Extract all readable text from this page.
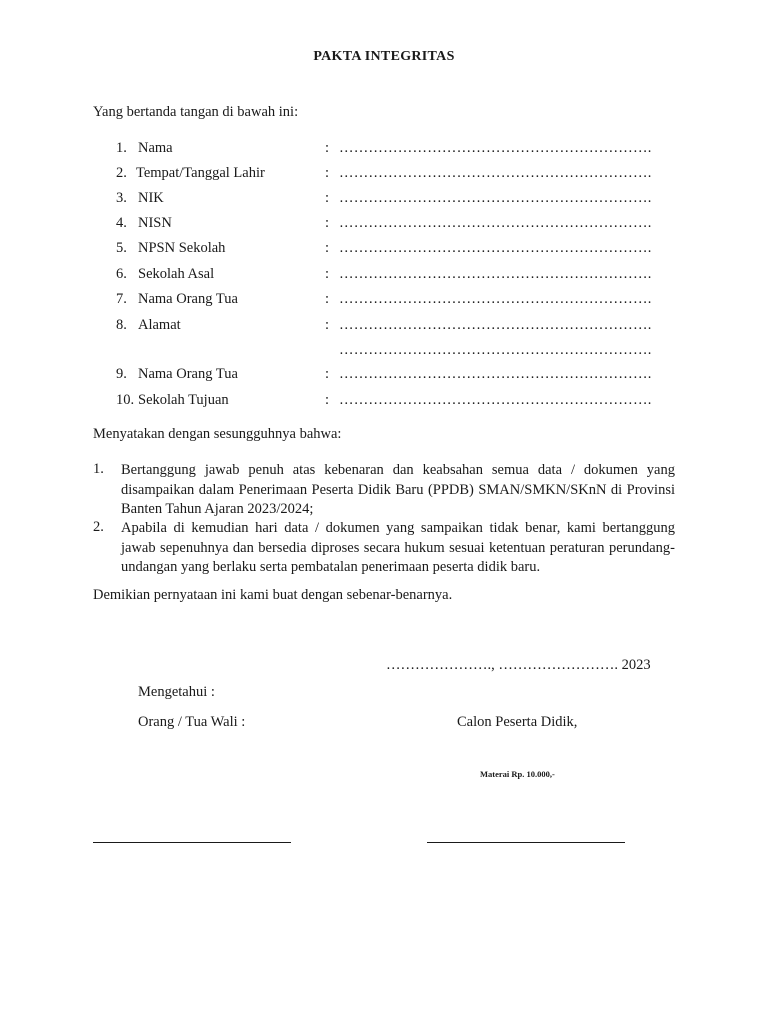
PAKTA INTEGRITAS
Yang bertanda tangan di bawah ini:
1. Nama	: ……………………………………………………….
2. Tempat/Tanggal Lahir	: ……………………………………………………….
3. NIK	: ……………………………………………………….
4. NISN	: ……………………………………………………….
5. NPSN Sekolah	: ……………………………………………………….
6. Sekolah Asal	: ……………………………………………………….
7. Nama Orang Tua	: ……………………………………………………….
8. Alamat	: ……………………………………………………….
……………………………………………………….
9. Nama Orang Tua	: ……………………………………………………….
10. Sekolah Tujuan	: ……………………………………………………….
Menyatakan dengan sesungguhnya bahwa:
1. Bertanggung jawab penuh atas kebenaran dan keabsahan semua data / dokumen yang disampaikan dalam Penerimaan Peserta Didik Baru (PPDB) SMAN/SMKN/SKnN di Provinsi Banten Tahun Ajaran 2023/2024;
2. Apabila di kemudian hari data / dokumen yang sampaikan tidak benar, kami bertanggung jawab sepenuhnya dan bersedia diproses secara hukum sesuai ketentuan peraturan perundang-undangan yang berlaku serta pembatalan penerimaan peserta didik baru.
Demikian pernyataan ini kami buat dengan sebenar-benarnya.
…………………., ……………………. 2023
Mengetahui :
Orang / Tua Wali :	Calon Peserta Didik,
Materai Rp. 10.000,-
